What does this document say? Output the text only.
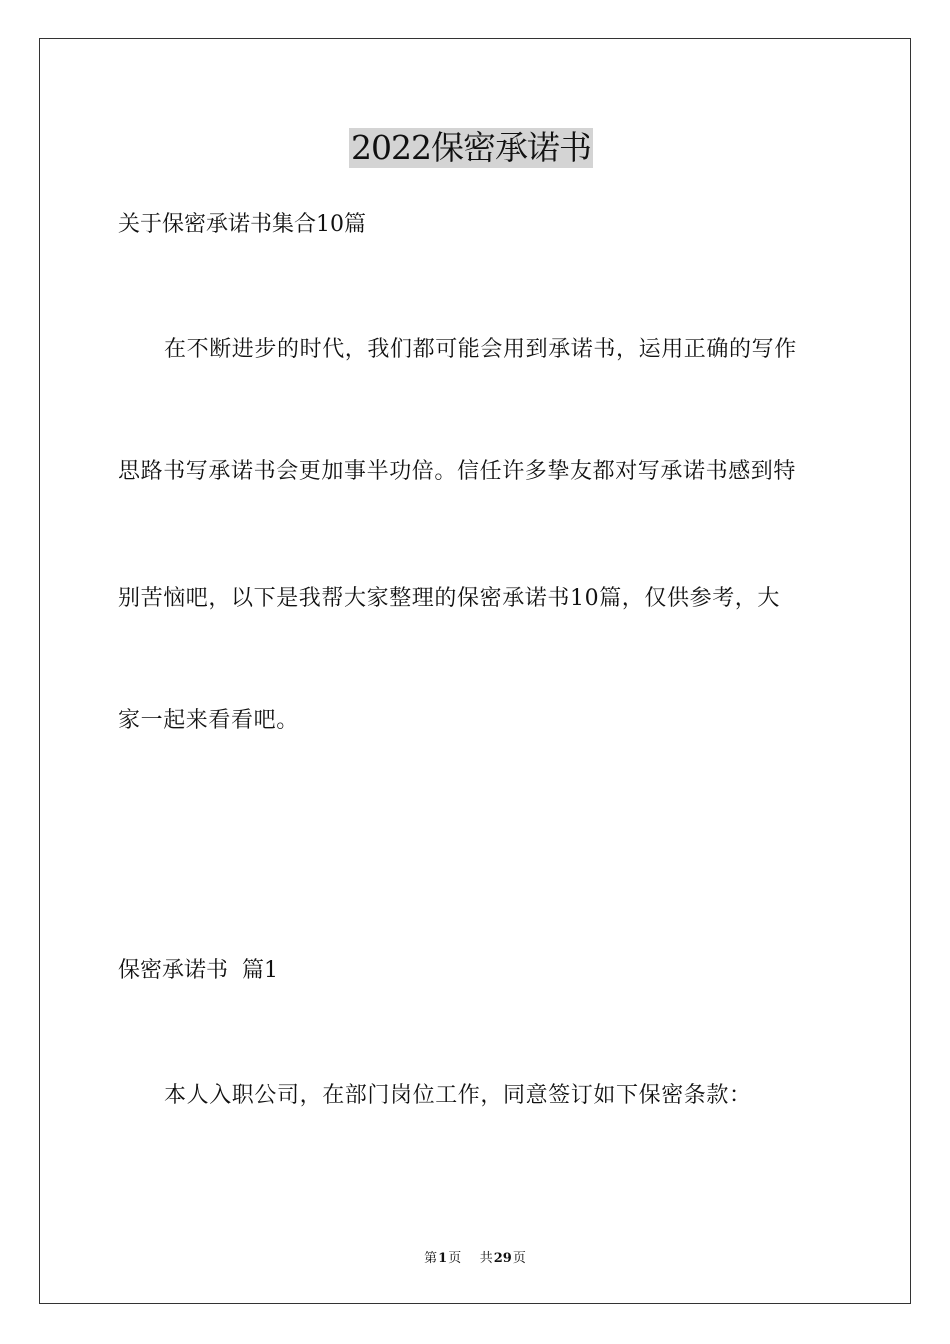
2022保密承诺书
关于保密承诺书集合10篇
在不断进步的时代，我们都可能会用到承诺书，运用正确的写作
思路书写承诺书会更加事半功倍。信任许多挚友都对写承诺书感到特
别苦恼吧，以下是我帮大家整理的保密承诺书10篇，仅供参考，大
家一起来看看吧。
保密承诺书  篇1
本人入职公司，在部门岗位工作，同意签订如下保密条款：
第1页 共29页
